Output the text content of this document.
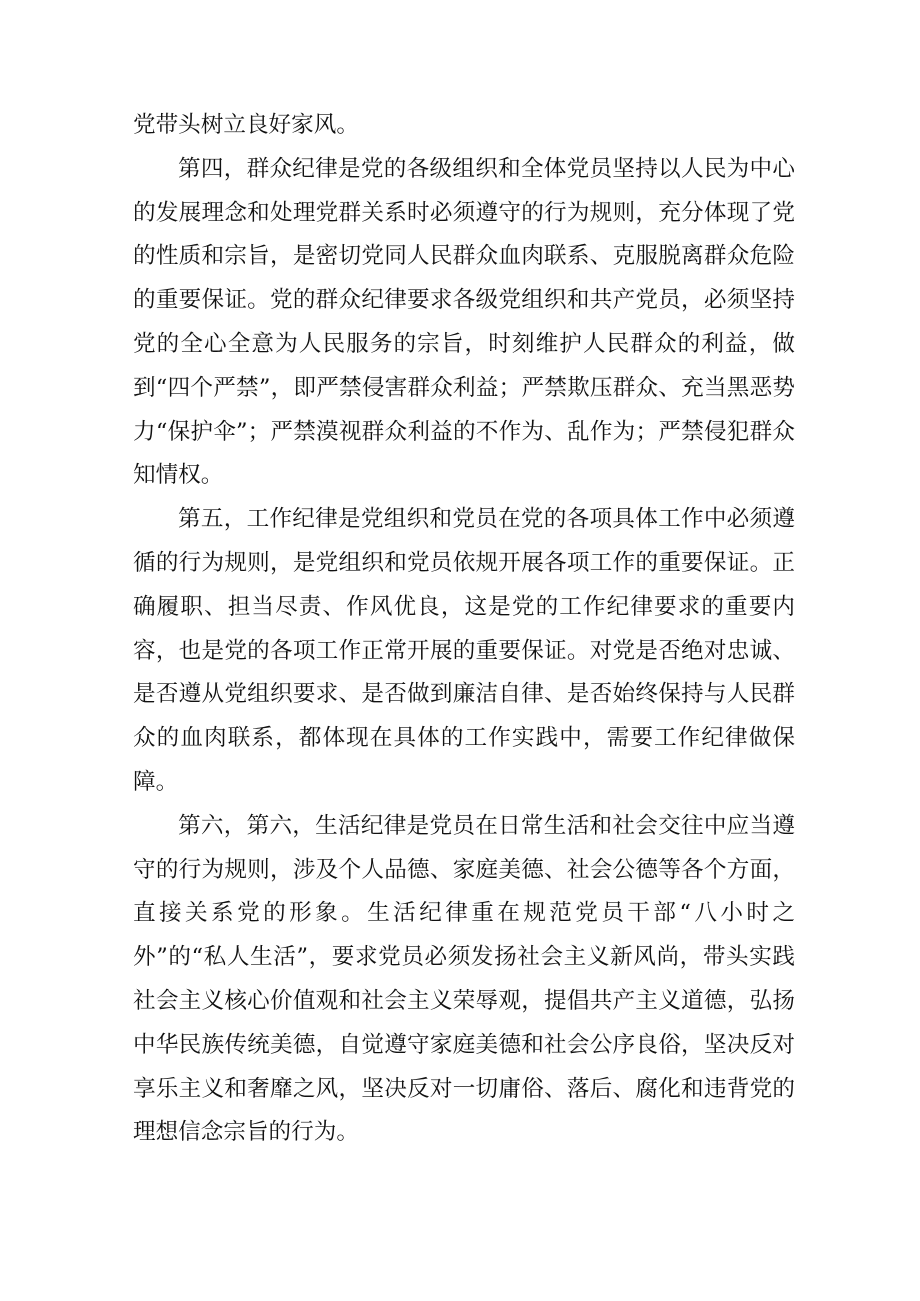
党带头树立良好家风。

第四，群众纪律是党的各级组织和全体党员坚持以人民为中心的发展理念和处理党群关系时必须遵守的行为规则，充分体现了党的性质和宗旨，是密切党同人民群众血肉联系、克服脱离群众危险的重要保证。党的群众纪律要求各级党组织和共产党员，必须坚持党的全心全意为人民服务的宗旨，时刻维护人民群众的利益，做到“四个严禁”，即严禁侵害群众利益；严禁欺压群众、充当黑恶势力“保护伞”；严禁漠视群众利益的不作为、乱作为；严禁侵犯群众知情权。

第五，工作纪律是党组织和党员在党的各项具体工作中必须遵循的行为规则，是党组织和党员依规开展各项工作的重要保证。正确履职、担当尽责、作风优良，这是党的工作纪律要求的重要内容，也是党的各项工作正常开展的重要保证。对党是否绝对忠诚、是否遵从党组织要求、是否做到廉洁自律、是否始终保持与人民群众的血肉联系，都体现在具体的工作实践中，需要工作纪律做保障。

第六，第六，生活纪律是党员在日常生活和社会交往中应当遵守的行为规则，涉及个人品德、家庭美德、社会公德等各个方面，直接关系党的形象。生活纪律重在规范党员干部“八小时之外”的“私人生活”，要求党员必须发扬社会主义新风尚，带头实践社会主义核心价值观和社会主义荣辱观，提倡共产主义道德，弘扬中华民族传统美德，自觉遵守家庭美德和社会公序良俗，坚决反对享乐主义和奢靡之风，坚决反对一切庸俗、落后、腐化和违背党的理想信念宗旨的行为。
